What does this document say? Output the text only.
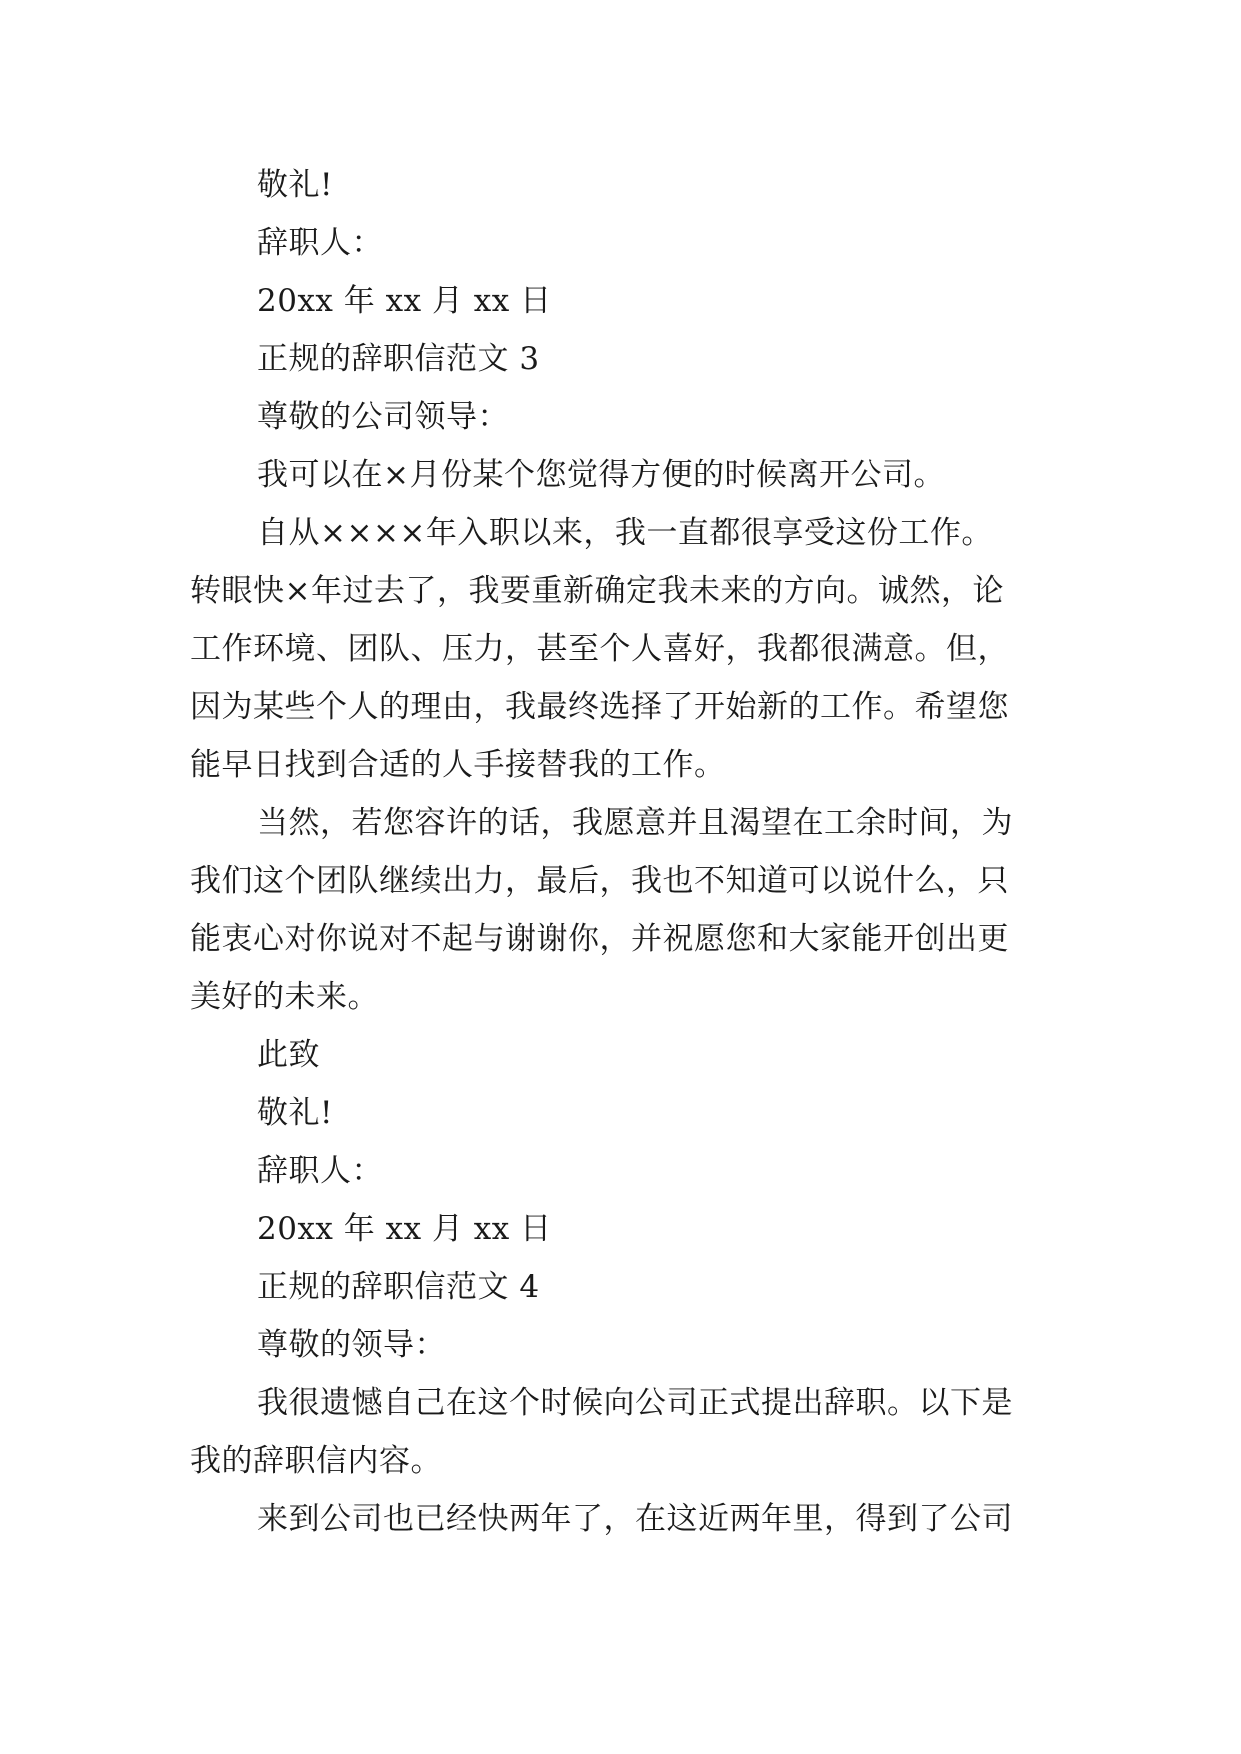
敬礼!
辞职人：
20xx 年 xx 月 xx 日
正规的辞职信范文 3
尊敬的公司领导：
我可以在×月份某个您觉得方便的时候离开公司。
自从××××年入职以来，我一直都很享受这份工作。
转眼快×年过去了，我要重新确定我未来的方向。诚然，论
工作环境、团队、压力，甚至个人喜好，我都很满意。但，
因为某些个人的理由，我最终选择了开始新的工作。希望您
能早日找到合适的人手接替我的工作。
当然，若您容许的话，我愿意并且渴望在工余时间，为
我们这个团队继续出力，最后，我也不知道可以说什么，只
能衷心对你说对不起与谢谢你，并祝愿您和大家能开创出更
美好的未来。
此致
敬礼!
辞职人：
20xx 年 xx 月 xx 日
正规的辞职信范文 4
尊敬的领导：
我很遗憾自己在这个时候向公司正式提出辞职。以下是
我的辞职信内容。
来到公司也已经快两年了，在这近两年里，得到了公司
